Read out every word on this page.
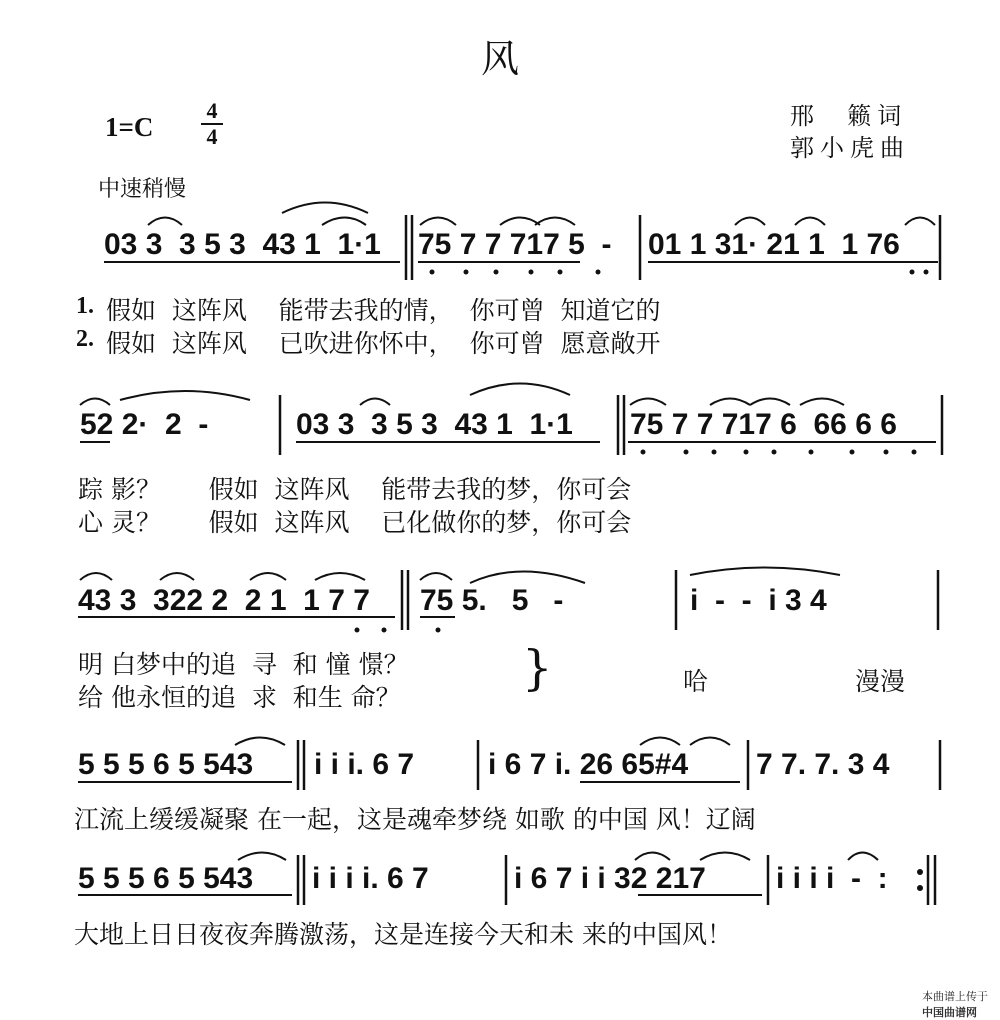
风
1=C
4
4
邢  籁词
郭小虎曲
中速稍慢
03 3  3 5 3  43 1  1·1 75 7 7 717 5  - 01 1 31· 21 1  1 76
1. 假如  这阵风    能带去我的情，  你可曾  知道它的
2. 假如  这阵风    已吹进你怀中，  你可曾  愿意敞开
52 2·  2  -	03 3  3 5 3  43 1  1·1 75 7 7 717 6  66 6 6
踪 影？      假如  这阵风    能带去我的梦，你可会
心 灵？      假如  这阵风    已化做你的梦，你可会
43 3  322 2  2 1  1 7 7 75 5.   5   -	i  -  -  i 3 4
明 白梦中的追  寻  和 憧 憬？
给 他永恒的追  求  和生 命？
}	哈	漫漫
5 5 5 6 5 543 i i i. 6 7 i 6 7 i. 26 65#4 7 7. 7. 3 4
江流上缓缓凝聚 在一起，这是魂牵梦绕 如歌 的中国 风！辽阔
5 5 5 6 5 543 i i i i. 6 7	i 6 7 i i 32 217 i i i i  -  :
大地上日日夜夜奔腾激荡，这是连接今天和未 来的中国风！

本曲谱上传于
中国曲谱网
